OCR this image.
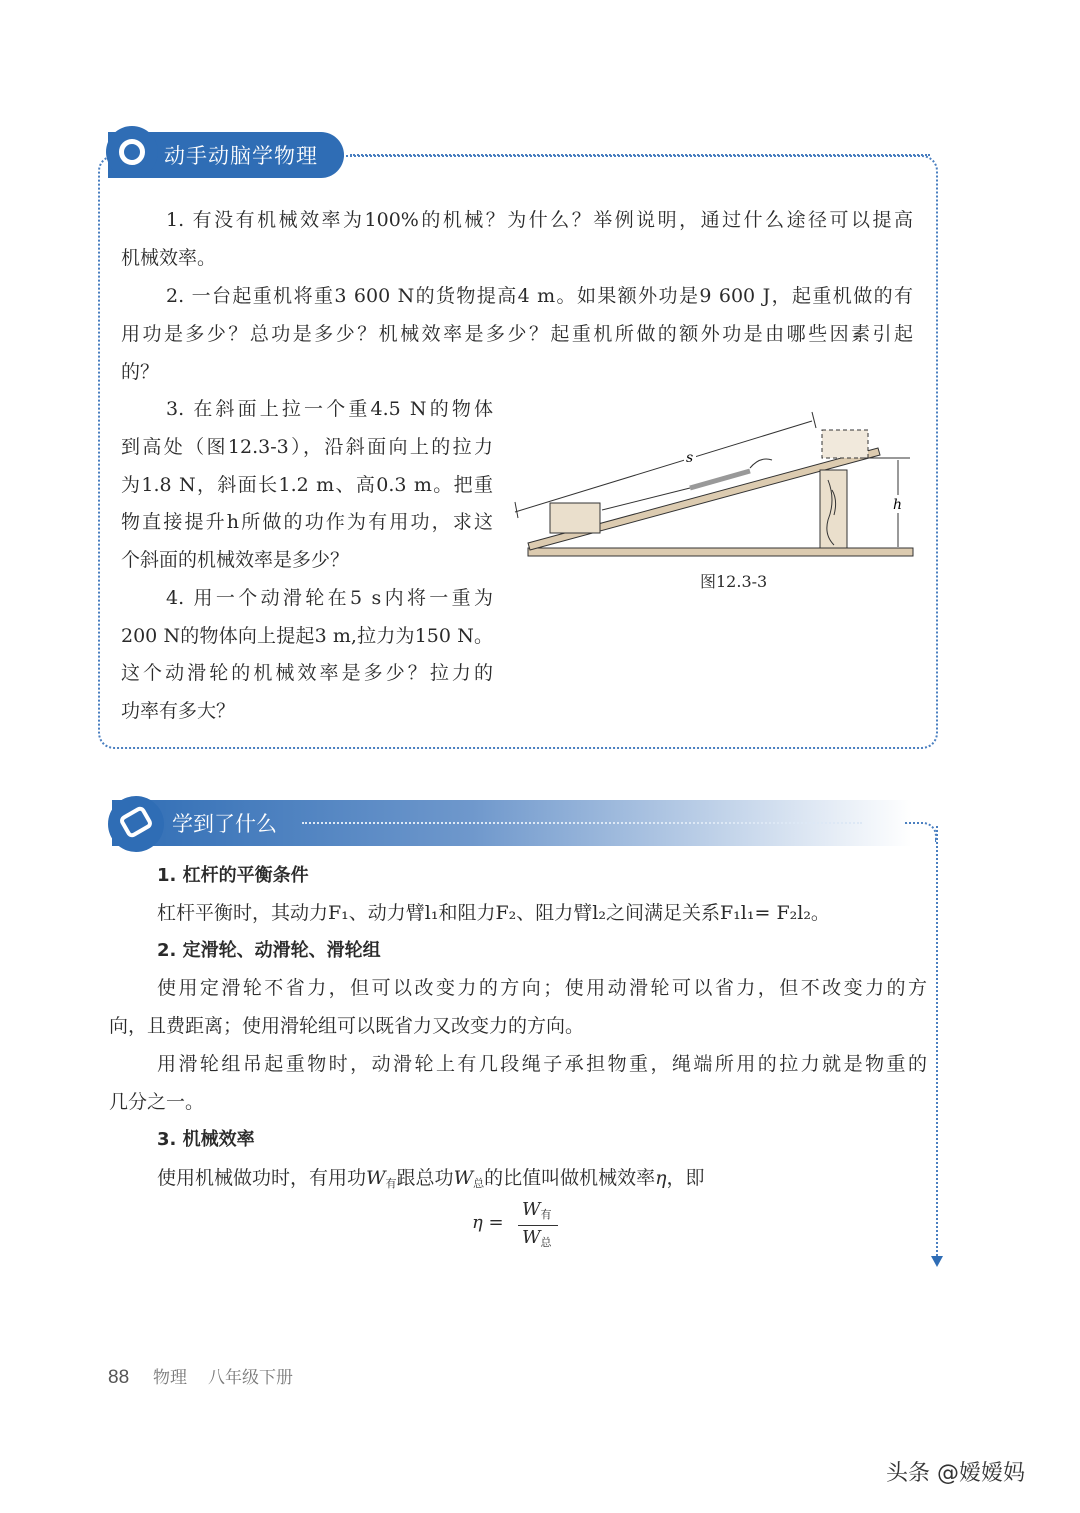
动手动脑学物理
1. 有没有机械效率为100%的机械？为什么？举例说明，通过什么途径可以提高
机械效率。
2. 一台起重机将重3 600 N的货物提高4 m。如果额外功是9 600 J，起重机做的有
用功是多少？总功是多少？机械效率是多少？起重机所做的额外功是由哪些因素引起
的？
3. 在斜面上拉一个重4.5 N的物体
到高处（图12.3-3），沿斜面向上的拉力
为1.8 N，斜面长1.2 m、高0.3 m。把重
物直接提升h所做的功作为有用功，求这
个斜面的机械效率是多少？
4. 用一个动滑轮在5 s内将一重为
200 N的物体向上提起3 m,拉力为150 N。
这个动滑轮的机械效率是多少？拉力的
功率有多大？
s
h
图12.3-3
学到了什么
1. 杠杆的平衡条件
杠杆平衡时，其动力F₁、动力臂l₁和阻力F₂、阻力臂l₂之间满足关系F₁l₁= F₂l₂。
2. 定滑轮、动滑轮、滑轮组
使用定滑轮不省力，但可以改变力的方向；使用动滑轮可以省力，但不改变力的方
向，且费距离；使用滑轮组可以既省力又改变力的方向。
用滑轮组吊起重物时，动滑轮上有几段绳子承担物重，绳端所用的拉力就是物重的
几分之一。
3. 机械效率
使用机械做功时，有用功$W_有$跟总功$W_总$的比值叫做机械效率η，即
η =
$W_有$
$W_总$
88 物理 八年级下册
头条 @嫒嫒妈
